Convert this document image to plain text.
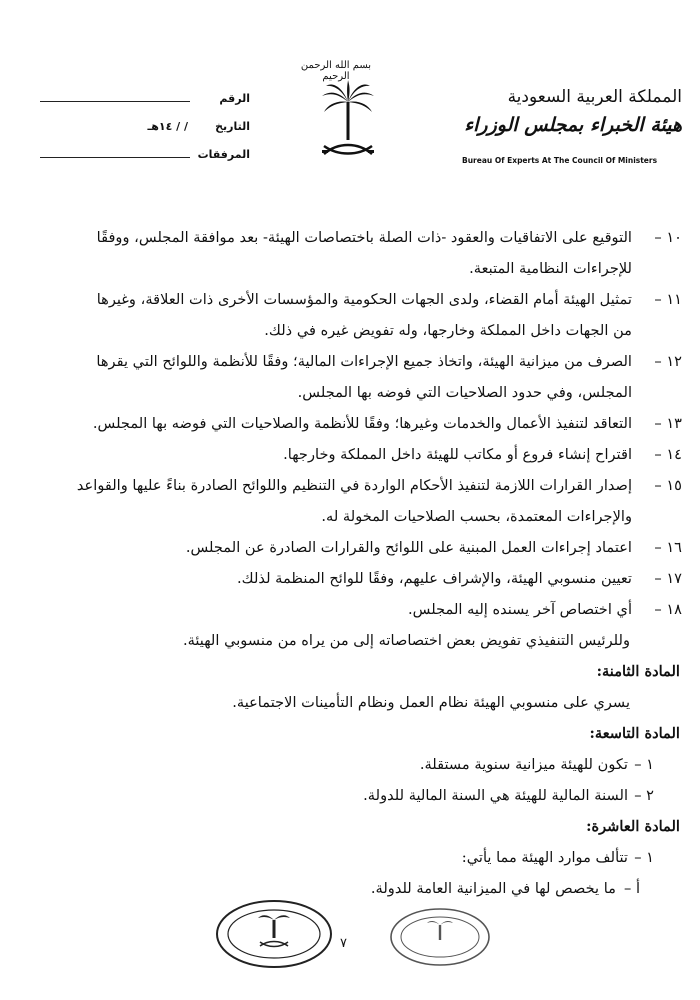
بسم الله الرحمن الرحيم

المملكة العربية السعودية

هيئة الخبراء بمجلس الوزراء

Bureau Of Experts At The Council Of Ministers
الرقم
التاريخ
/ / ١٤هـ
المرفقات
١٠ –
التوقيع على الاتفاقيات والعقود -ذات الصلة باختصاصات الهيئة- بعد موافقة المجلس، ووفقًا
للإجراءات النظامية المتبعة.
١١ –
تمثيل الهيئة أمام القضاء، ولدى الجهات الحكومية والمؤسسات الأخرى ذات العلاقة، وغيرها
من الجهات داخل المملكة وخارجها، وله تفويض غيره في ذلك.
١٢ –
الصرف من ميزانية الهيئة، واتخاذ جميع الإجراءات المالية؛ وفقًا للأنظمة واللوائح التي يقرها
المجلس، وفي حدود الصلاحيات التي فوضه بها المجلس.
١٣ –
التعاقد لتنفيذ الأعمال والخدمات وغيرها؛ وفقًا للأنظمة والصلاحيات التي فوضه بها المجلس.
١٤ –
اقتراح إنشاء فروع أو مكاتب للهيئة داخل المملكة وخارجها.
١٥ –
إصدار القرارات اللازمة لتنفيذ الأحكام الواردة في التنظيم واللوائح الصادرة بناءً عليها والقواعد
والإجراءات المعتمدة، بحسب الصلاحيات المخولة له.
١٦ –
اعتماد إجراءات العمل المبنية على اللوائح والقرارات الصادرة عن المجلس.
١٧ –
تعيين منسوبي الهيئة، والإشراف عليهم، وفقًا للوائح المنظمة لذلك.
١٨ –
أي اختصاص آخر يسنده إليه المجلس.
وللرئيس التنفيذي تفويض بعض اختصاصاته إلى من يراه من منسوبي الهيئة.
المادة الثامنة:
يسري على منسوبي الهيئة نظام العمل ونظام التأمينات الاجتماعية.
المادة التاسعة:
١ –
تكون للهيئة ميزانية سنوية مستقلة.
٢ –
السنة المالية للهيئة هي السنة المالية للدولة.
المادة العاشرة:
١ –
تتألف موارد الهيئة مما يأتي:
أ –
ما يخصص لها في الميزانية العامة للدولة.
٧
